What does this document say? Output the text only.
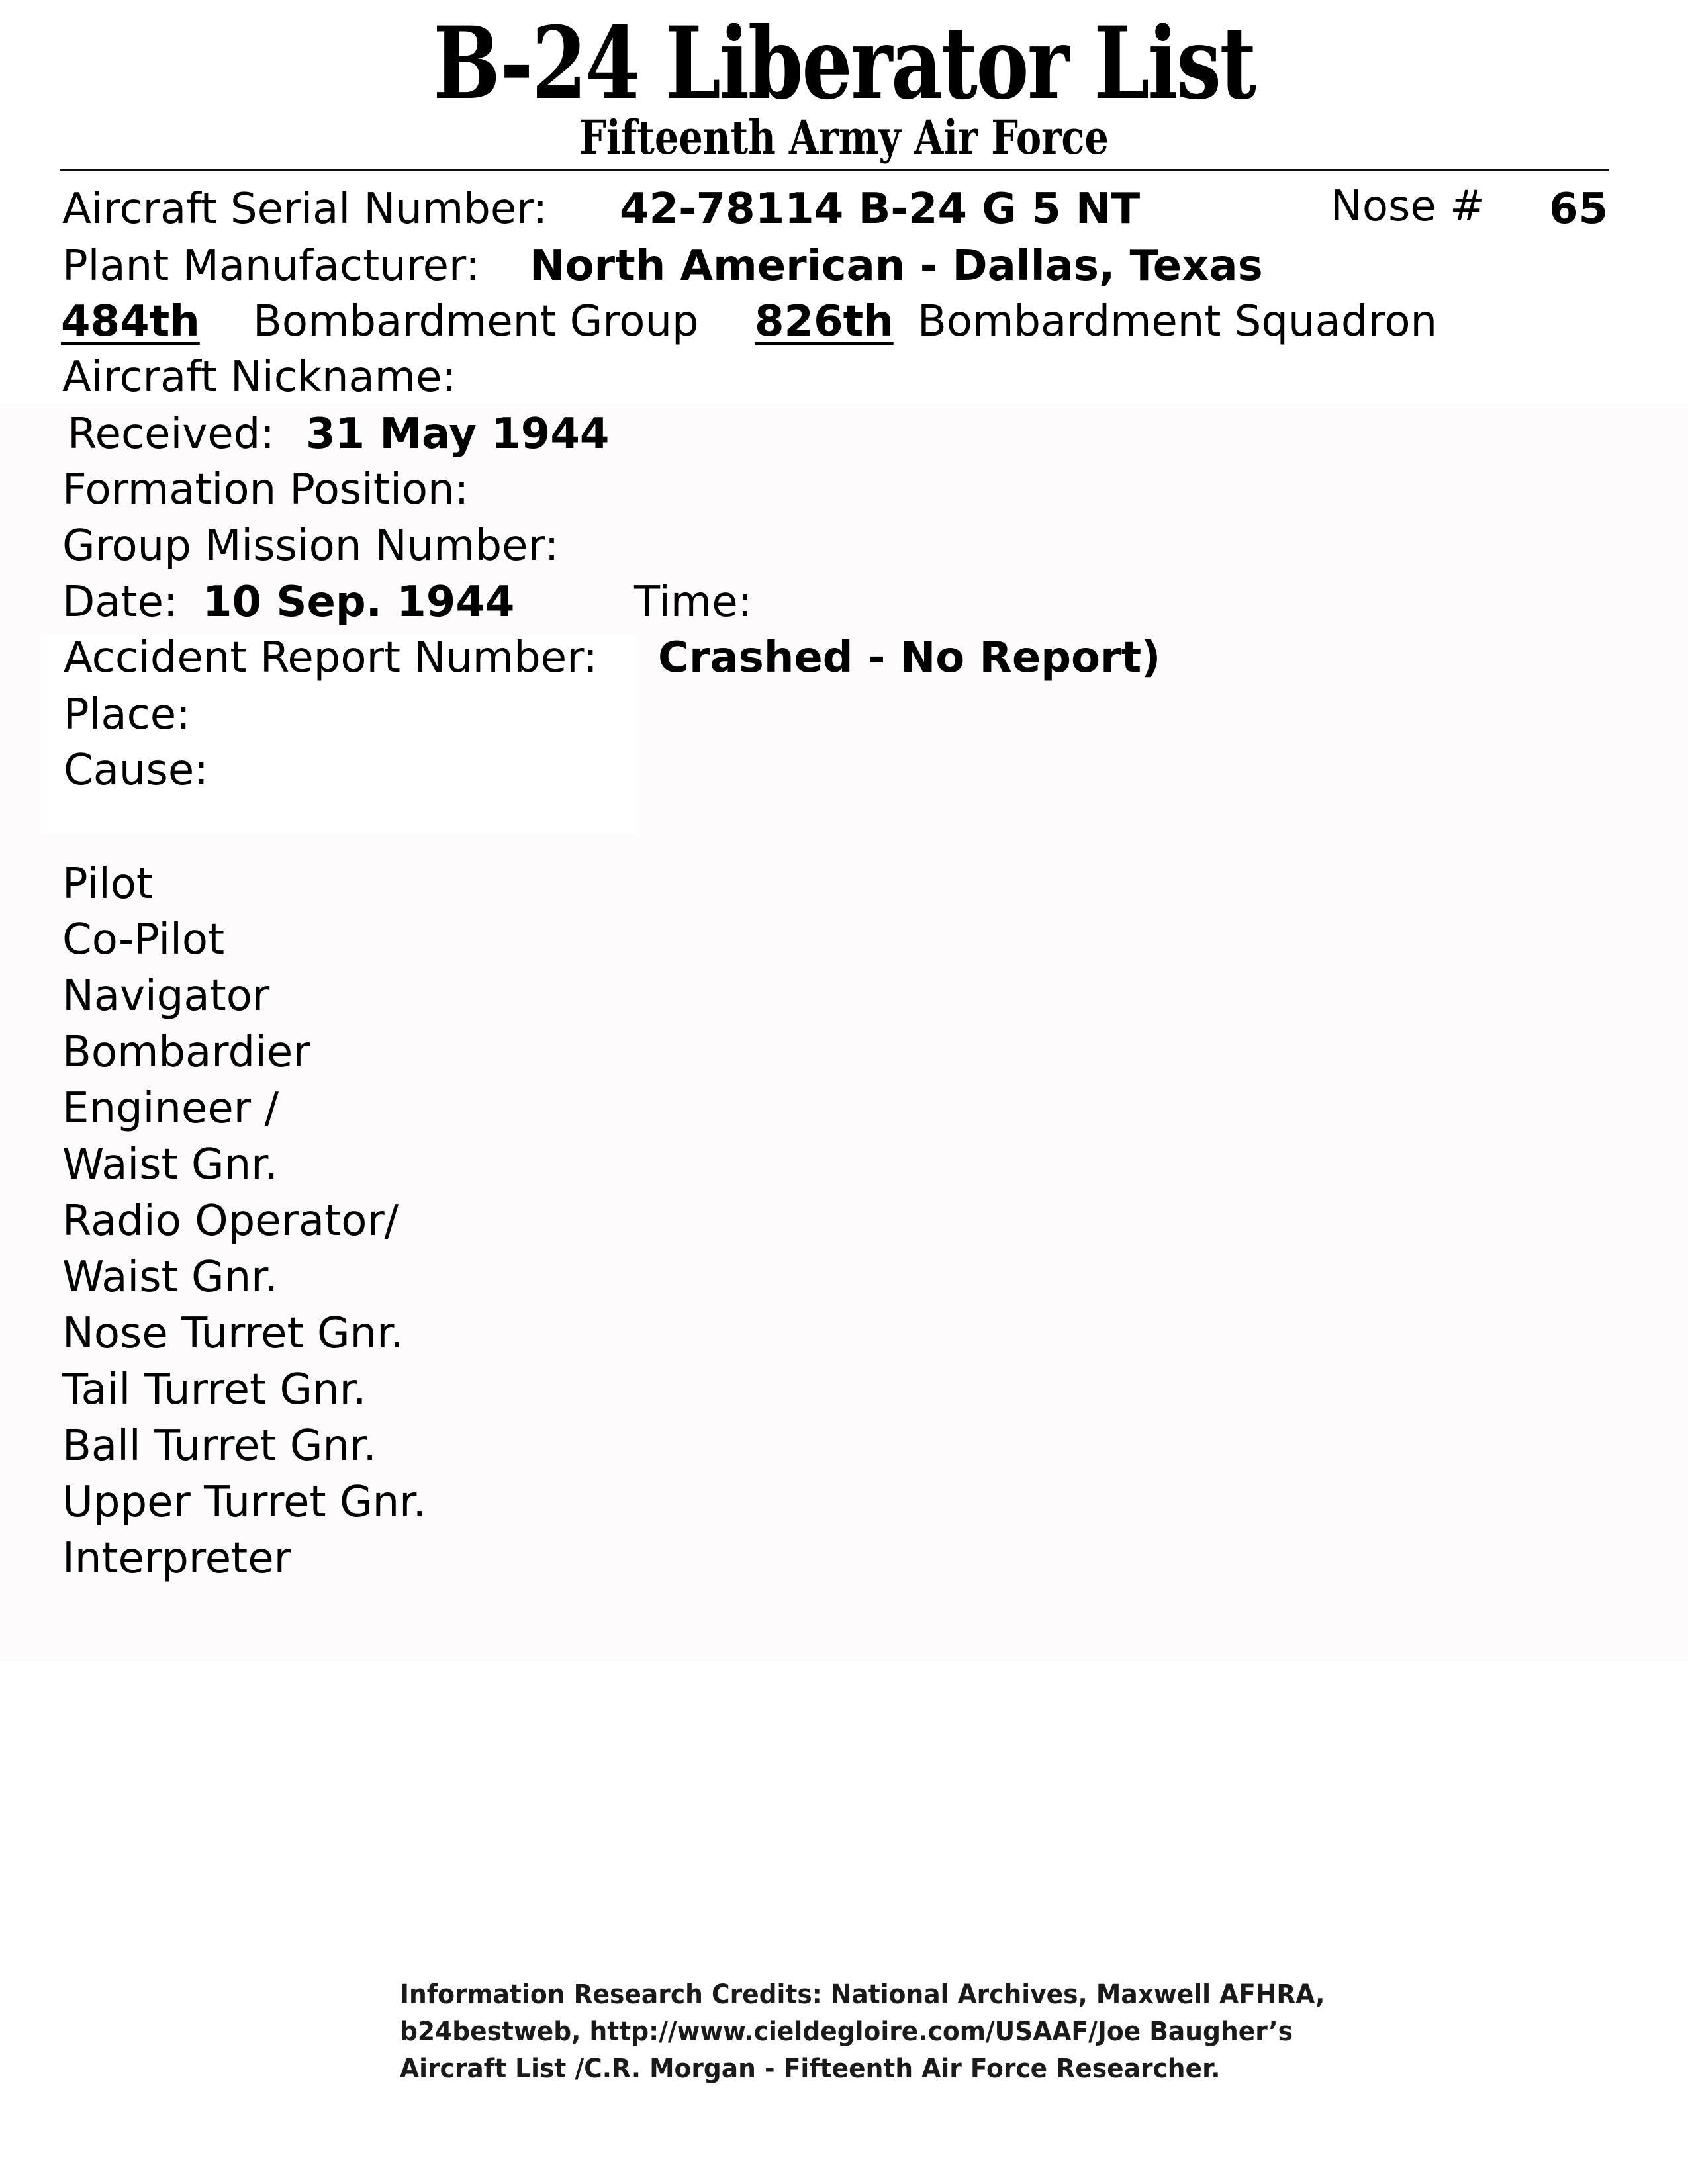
B-24 Liberator List
Fifteenth Army Air Force
Aircraft Serial Number: 42-78114 B-24 G 5 NT	Nose # 65
Plant Manufacturer: North American - Dallas, Texas
484th	Bombardment Group 826th Bombardment Squadron
Aircraft Nickname:
Received: 31 May 1944
Formation Position:
Group Mission Number:
Date: 10 Sep. 1944	Time:
Accident Report Number: Crashed - No Report)
Place:
Cause:
Pilot
Co-Pilot
Navigator
Bombardier
Engineer /
Waist Gnr.
Radio Operator/
Waist Gnr.
Nose Turret Gnr.
Tail Turret Gnr.
Ball Turret Gnr.
Upper Turret Gnr.
Interpreter
Information Research Credits: National Archives, Maxwell AFHRA,
b24bestweb, http://www.cieldegloire.com/USAAF/Joe Baugher’s
Aircraft List /C.R. Morgan - Fifteenth Air Force Researcher.
